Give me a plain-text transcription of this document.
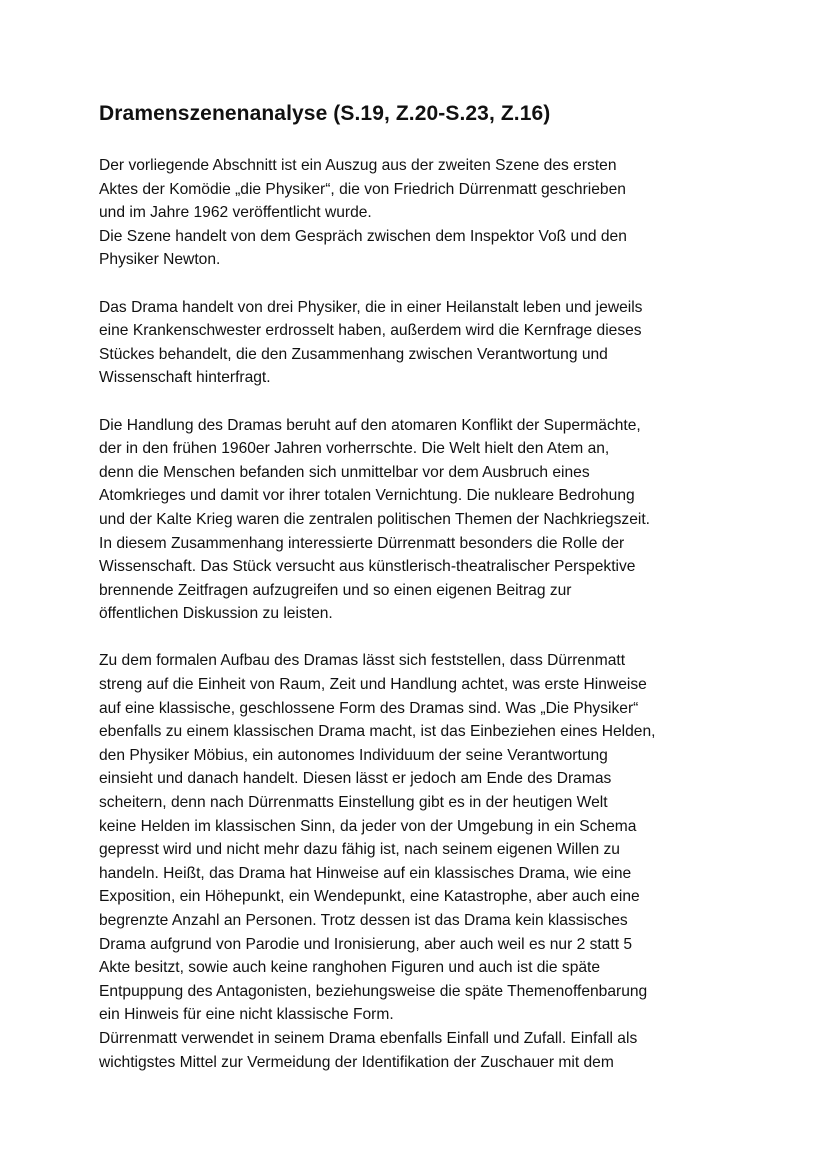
Dramenszenenanalyse (S.19, Z.20-S.23, Z.16)
Der vorliegende Abschnitt ist ein Auszug aus der zweiten Szene des ersten
Aktes der Komödie „die Physiker“, die von Friedrich Dürrenmatt geschrieben
und im Jahre 1962 veröffentlicht wurde.
Die Szene handelt von dem Gespräch zwischen dem Inspektor Voß und den
Physiker Newton.
Das Drama handelt von drei Physiker, die in einer Heilanstalt leben und jeweils
eine Krankenschwester erdrosselt haben, außerdem wird die Kernfrage dieses
Stückes behandelt, die den Zusammenhang zwischen Verantwortung und
Wissenschaft hinterfragt.
Die Handlung des Dramas beruht auf den atomaren Konflikt der Supermächte,
der in den frühen 1960er Jahren vorherrschte. Die Welt hielt den Atem an,
denn die Menschen befanden sich unmittelbar vor dem Ausbruch eines
Atomkrieges und damit vor ihrer totalen Vernichtung. Die nukleare Bedrohung
und der Kalte Krieg waren die zentralen politischen Themen der Nachkriegszeit.
In diesem Zusammenhang interessierte Dürrenmatt besonders die Rolle der
Wissenschaft. Das Stück versucht aus künstlerisch-theatralischer Perspektive
brennende Zeitfragen aufzugreifen und so einen eigenen Beitrag zur
öffentlichen Diskussion zu leisten.
Zu dem formalen Aufbau des Dramas lässt sich feststellen, dass Dürrenmatt
streng auf die Einheit von Raum, Zeit und Handlung achtet, was erste Hinweise
auf eine klassische, geschlossene Form des Dramas sind. Was „Die Physiker“
ebenfalls zu einem klassischen Drama macht, ist das Einbeziehen eines Helden,
den Physiker Möbius, ein autonomes Individuum der seine Verantwortung
einsieht und danach handelt. Diesen lässt er jedoch am Ende des Dramas
scheitern, denn nach Dürrenmatts Einstellung gibt es in der heutigen Welt
keine Helden im klassischen Sinn, da jeder von der Umgebung in ein Schema
gepresst wird und nicht mehr dazu fähig ist, nach seinem eigenen Willen zu
handeln. Heißt, das Drama hat Hinweise auf ein klassisches Drama, wie eine
Exposition, ein Höhepunkt, ein Wendepunkt, eine Katastrophe, aber auch eine
begrenzte Anzahl an Personen. Trotz dessen ist das Drama kein klassisches
Drama aufgrund von Parodie und Ironisierung, aber auch weil es nur 2 statt 5
Akte besitzt, sowie auch keine ranghohen Figuren und auch ist die späte
Entpuppung des Antagonisten, beziehungsweise die späte Themenoffenbarung
ein Hinweis für eine nicht klassische Form.
Dürrenmatt verwendet in seinem Drama ebenfalls Einfall und Zufall. Einfall als
wichtigstes Mittel zur Vermeidung der Identifikation der Zuschauer mit dem
